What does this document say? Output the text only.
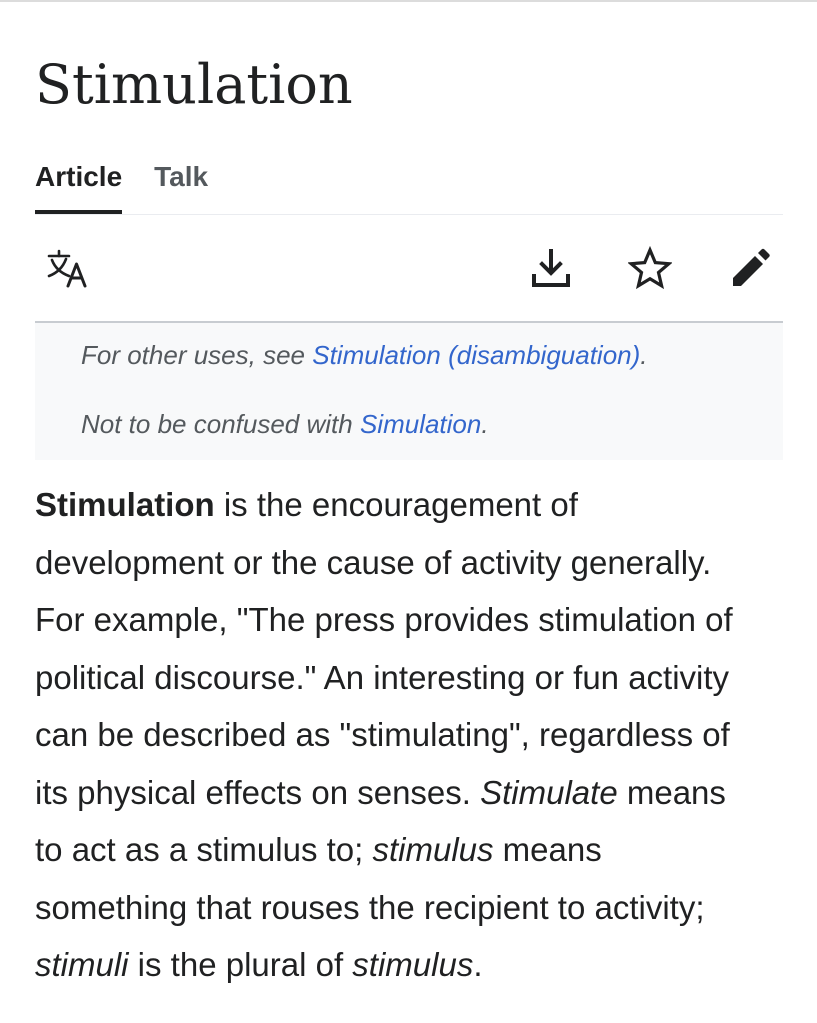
Stimulation
Article Talk
For other uses, see Stimulation (disambiguation).
Not to be confused with Simulation.

Stimulation is the encouragement of
development or the cause of activity generally.
For example, "The press provides stimulation of
political discourse." An interesting or fun activity
can be described as "stimulating", regardless of
its physical effects on senses. Stimulate means
to act as a stimulus to; stimulus means
something that rouses the recipient to activity;
stimuli is the plural of stimulus.
